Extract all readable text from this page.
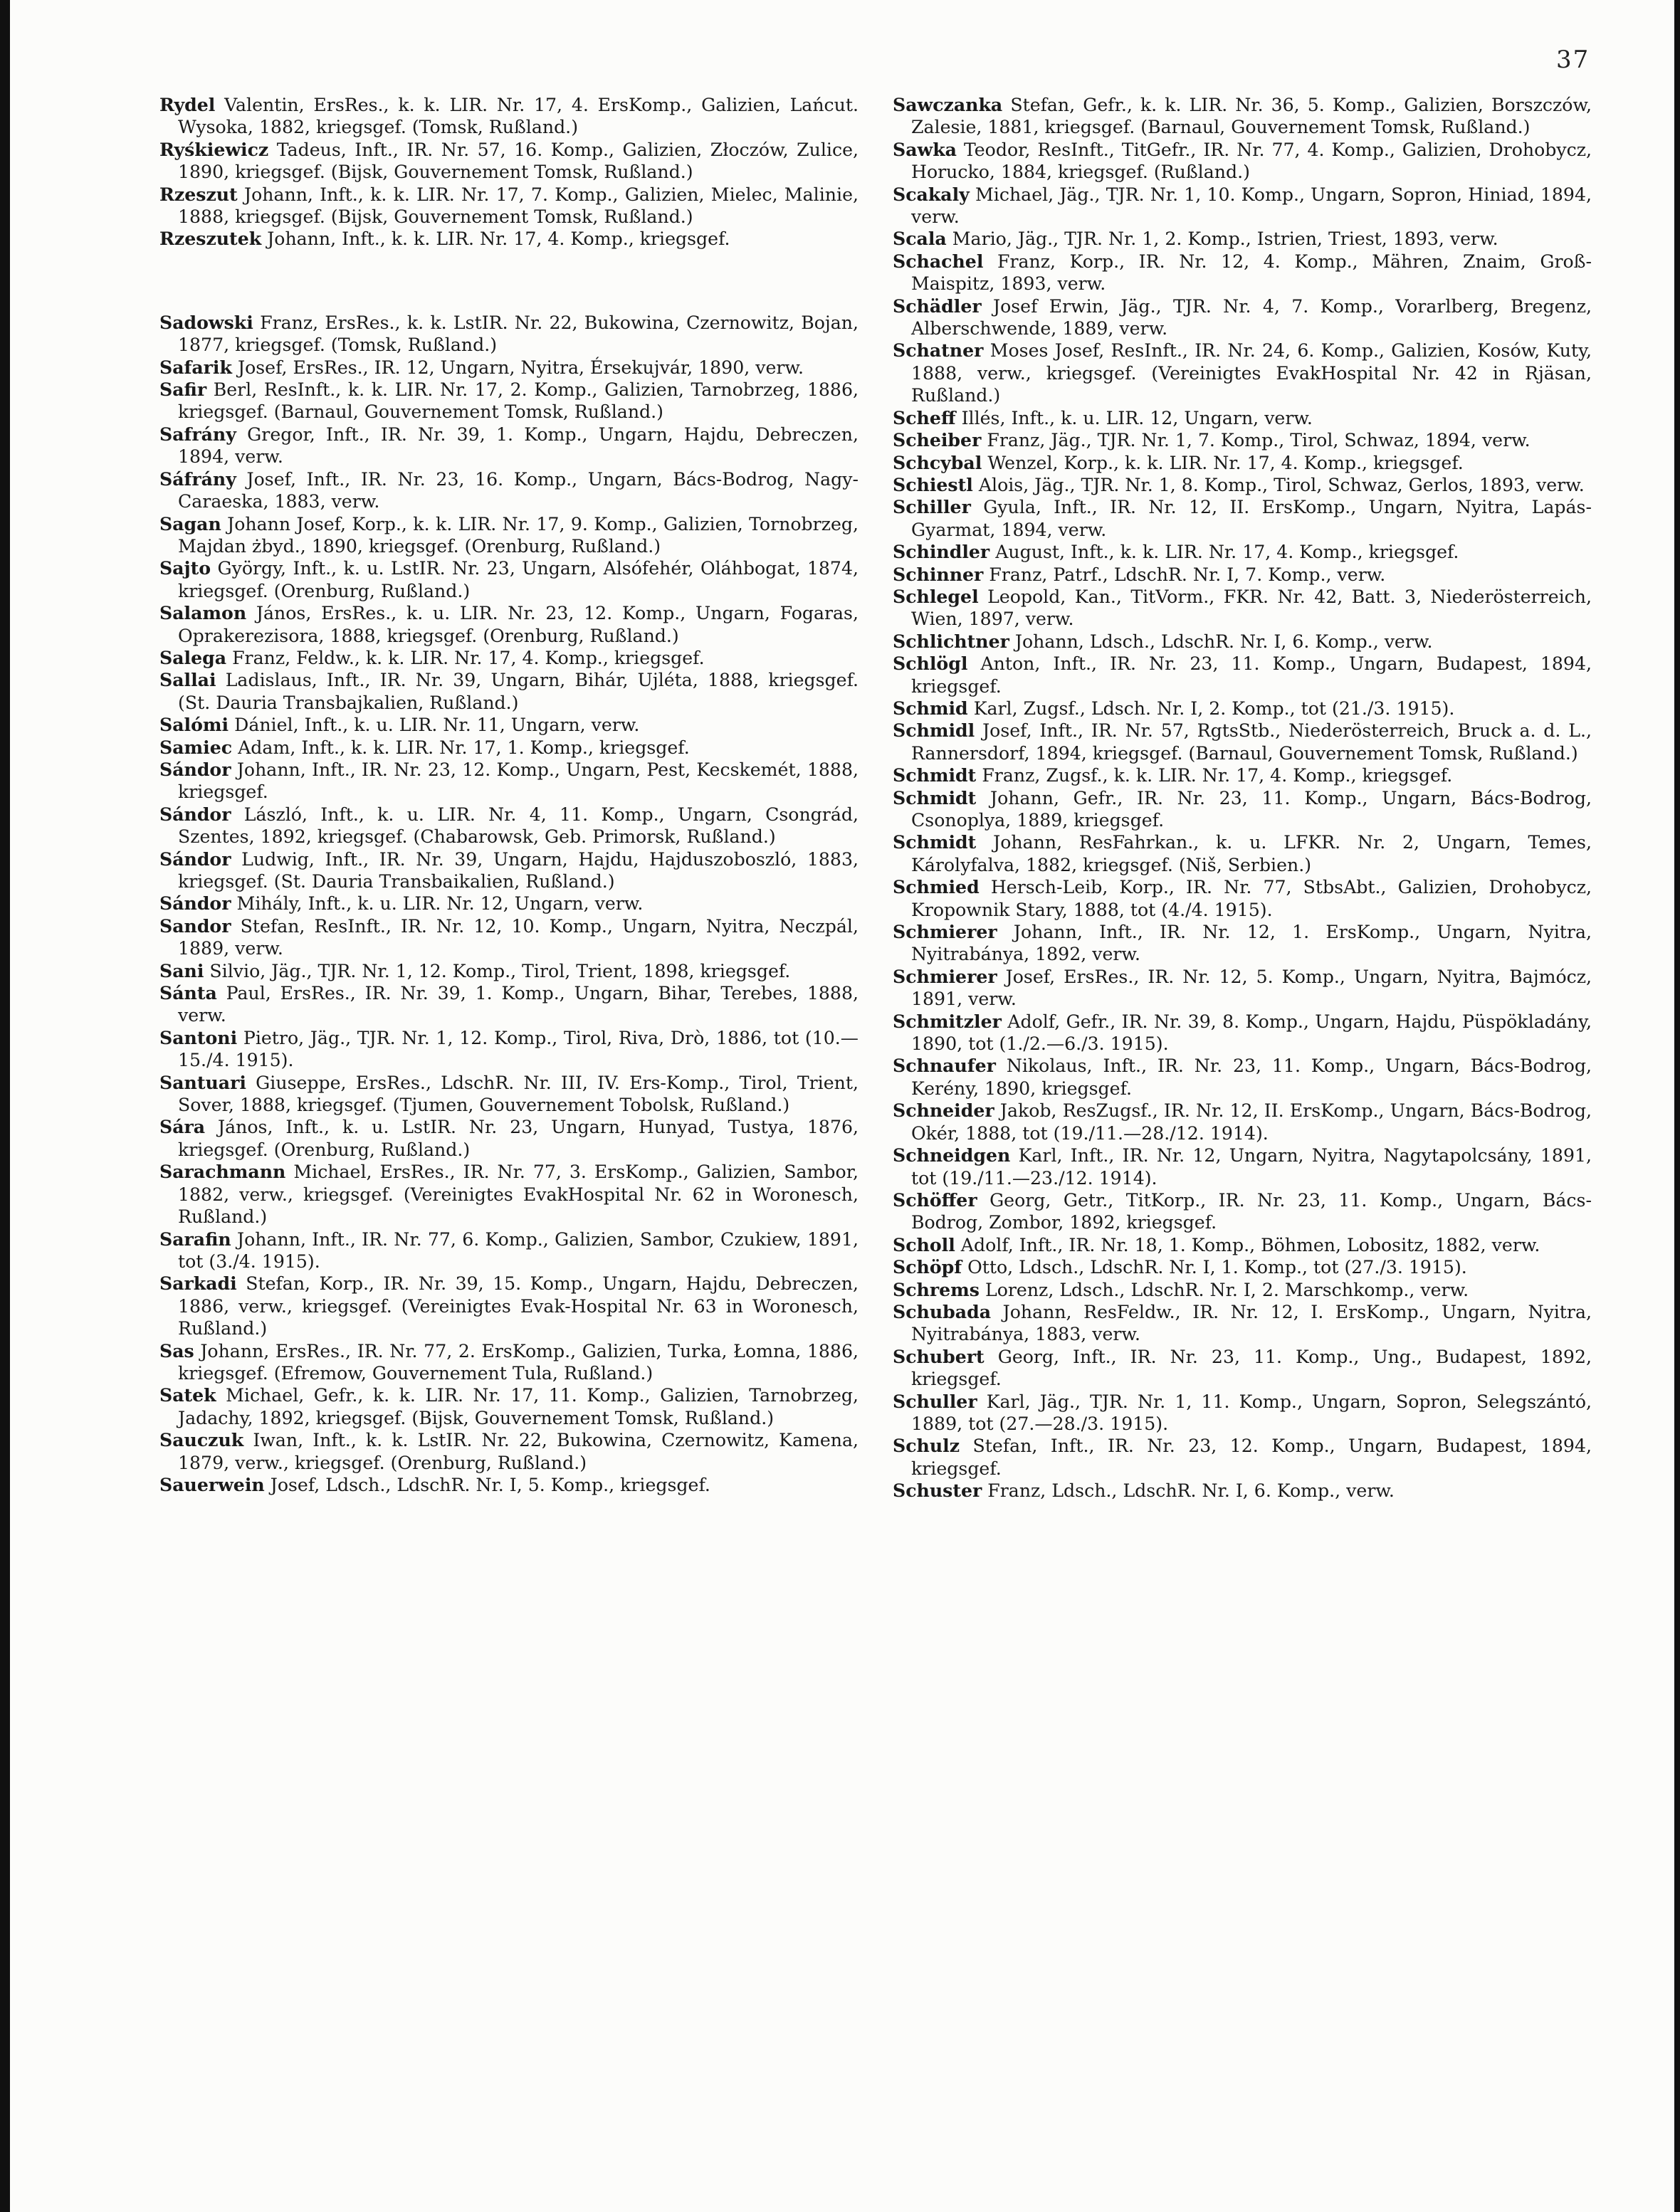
37

Rydel Valentin, ErsRes., k. k. LIR. Nr. 17, 4. ErsKomp., Galizien, Lańcut. Wysoka, 1882, kriegsgef. (Tomsk, Rußland.)

Ryśkiewicz Tadeus, Inft., IR. Nr. 57, 16. Komp., Galizien, Złoczów, Zulice, 1890, kriegsgef. (Bijsk, Gouvernement Tomsk, Rußland.)

Rzeszut Johann, Inft., k. k. LIR. Nr. 17, 7. Komp., Galizien, Mielec, Malinie, 1888, kriegsgef. (Bijsk, Gouvernement Tomsk, Rußland.)

Rzeszutek Johann, Inft., k. k. LIR. Nr. 17, 4. Komp., kriegsgef.

Sadowski Franz, ErsRes., k. k. LstIR. Nr. 22, Bukowina, Czernowitz, Bojan, 1877, kriegsgef. (Tomsk, Rußland.)

Safarik Josef, ErsRes., IR. 12, Ungarn, Nyitra, Érsekujvár, 1890, verw.

Safir Berl, ResInft., k. k. LIR. Nr. 17, 2. Komp., Galizien, Tarnobrzeg, 1886, kriegsgef. (Barnaul, Gouvernement Tomsk, Rußland.)

Safrány Gregor, Inft., IR. Nr. 39, 1. Komp., Ungarn, Hajdu, Debreczen, 1894, verw.

Sáfrány Josef, Inft., IR. Nr. 23, 16. Komp., Ungarn, Bács-Bodrog, Nagy-Caraeska, 1883, verw.

Sagan Johann Josef, Korp., k. k. LIR. Nr. 17, 9. Komp., Galizien, Tornobrzeg, Majdan żbyd., 1890, kriegsgef. (Orenburg, Rußland.)

Sajto György, Inft., k. u. LstIR. Nr. 23, Ungarn, Alsófehér, Oláhbogat, 1874, kriegsgef. (Orenburg, Rußland.)

Salamon János, ErsRes., k. u. LIR. Nr. 23, 12. Komp., Ungarn, Fogaras, Oprakerezisora, 1888, kriegsgef. (Orenburg, Rußland.)

Salega Franz, Feldw., k. k. LIR. Nr. 17, 4. Komp., kriegsgef.

Sallai Ladislaus, Inft., IR. Nr. 39, Ungarn, Bihár, Ujléta, 1888, kriegsgef. (St. Dauria Transbajkalien, Rußland.)

Salómi Dániel, Inft., k. u. LIR. Nr. 11, Ungarn, verw.

Samiec Adam, Inft., k. k. LIR. Nr. 17, 1. Komp., kriegsgef.

Sándor Johann, Inft., IR. Nr. 23, 12. Komp., Ungarn, Pest, Kecskemét, 1888, kriegsgef.

Sándor László, Inft., k. u. LIR. Nr. 4, 11. Komp., Ungarn, Csongrád, Szentes, 1892, kriegsgef. (Chabarowsk, Geb. Primorsk, Rußland.)

Sándor Ludwig, Inft., IR. Nr. 39, Ungarn, Hajdu, Hajduszoboszló, 1883, kriegsgef. (St. Dauria Transbaikalien, Rußland.)

Sándor Mihály, Inft., k. u. LIR. Nr. 12, Ungarn, verw.

Sandor Stefan, ResInft., IR. Nr. 12, 10. Komp., Ungarn, Nyitra, Neczpál, 1889, verw.

Sani Silvio, Jäg., TJR. Nr. 1, 12. Komp., Tirol, Trient, 1898, kriegsgef.

Sánta Paul, ErsRes., IR. Nr. 39, 1. Komp., Ungarn, Bihar, Terebes, 1888, verw.

Santoni Pietro, Jäg., TJR. Nr. 1, 12. Komp., Tirol, Riva, Drò, 1886, tot (10.—15./4. 1915).

Santuari Giuseppe, ErsRes., LdschR. Nr. III, IV. Ers-Komp., Tirol, Trient, Sover, 1888, kriegsgef. (Tjumen, Gouvernement Tobolsk, Rußland.)

Sára János, Inft., k. u. LstIR. Nr. 23, Ungarn, Hunyad, Tustya, 1876, kriegsgef. (Orenburg, Rußland.)

Sarachmann Michael, ErsRes., IR. Nr. 77, 3. ErsKomp., Galizien, Sambor, 1882, verw., kriegsgef. (Vereinigtes EvakHospital Nr. 62 in Woronesch, Rußland.)

Sarafin Johann, Inft., IR. Nr. 77, 6. Komp., Galizien, Sambor, Czukiew, 1891, tot (3./4. 1915).

Sarkadi Stefan, Korp., IR. Nr. 39, 15. Komp., Ungarn, Hajdu, Debreczen, 1886, verw., kriegsgef. (Vereinigtes Evak-Hospital Nr. 63 in Woronesch, Rußland.)

Sas Johann, ErsRes., IR. Nr. 77, 2. ErsKomp., Galizien, Turka, Łomna, 1886, kriegsgef. (Efremow, Gouvernement Tula, Rußland.)

Satek Michael, Gefr., k. k. LIR. Nr. 17, 11. Komp., Galizien, Tarnobrzeg, Jadachy, 1892, kriegsgef. (Bijsk, Gouvernement Tomsk, Rußland.)

Sauczuk Iwan, Inft., k. k. LstIR. Nr. 22, Bukowina, Czernowitz, Kamena, 1879, verw., kriegsgef. (Orenburg, Rußland.)

Sauerwein Josef, Ldsch., LdschR. Nr. I, 5. Komp., kriegsgef.

Sawczanka Stefan, Gefr., k. k. LIR. Nr. 36, 5. Komp., Galizien, Borszczów, Zalesie, 1881, kriegsgef. (Barnaul, Gouvernement Tomsk, Rußland.)

Sawka Teodor, ResInft., TitGefr., IR. Nr. 77, 4. Komp., Galizien, Drohobycz, Horucko, 1884, kriegsgef. (Rußland.)

Scakaly Michael, Jäg., TJR. Nr. 1, 10. Komp., Ungarn, Sopron, Hiniad, 1894, verw.

Scala Mario, Jäg., TJR. Nr. 1, 2. Komp., Istrien, Triest, 1893, verw.

Schachel Franz, Korp., IR. Nr. 12, 4. Komp., Mähren, Znaim, Groß-Maispitz, 1893, verw.

Schädler Josef Erwin, Jäg., TJR. Nr. 4, 7. Komp., Vorarlberg, Bregenz, Alberschwende, 1889, verw.

Schatner Moses Josef, ResInft., IR. Nr. 24, 6. Komp., Galizien, Kosów, Kuty, 1888, verw., kriegsgef. (Vereinigtes EvakHospital Nr. 42 in Rjäsan, Rußland.)

Scheff Illés, Inft., k. u. LIR. 12, Ungarn, verw.

Scheiber Franz, Jäg., TJR. Nr. 1, 7. Komp., Tirol, Schwaz, 1894, verw.

Schcybal Wenzel, Korp., k. k. LIR. Nr. 17, 4. Komp., kriegsgef.

Schiestl Alois, Jäg., TJR. Nr. 1, 8. Komp., Tirol, Schwaz, Gerlos, 1893, verw.

Schiller Gyula, Inft., IR. Nr. 12, II. ErsKomp., Ungarn, Nyitra, Lapás-Gyarmat, 1894, verw.

Schindler August, Inft., k. k. LIR. Nr. 17, 4. Komp., kriegsgef.

Schinner Franz, Patrf., LdschR. Nr. I, 7. Komp., verw.

Schlegel Leopold, Kan., TitVorm., FKR. Nr. 42, Batt. 3, Niederösterreich, Wien, 1897, verw.

Schlichtner Johann, Ldsch., LdschR. Nr. I, 6. Komp., verw.

Schlögl Anton, Inft., IR. Nr. 23, 11. Komp., Ungarn, Budapest, 1894, kriegsgef.

Schmid Karl, Zugsf., Ldsch. Nr. I, 2. Komp., tot (21./3. 1915).

Schmidl Josef, Inft., IR. Nr. 57, RgtsStb., Niederösterreich, Bruck a. d. L., Rannersdorf, 1894, kriegsgef. (Barnaul, Gouvernement Tomsk, Rußland.)

Schmidt Franz, Zugsf., k. k. LIR. Nr. 17, 4. Komp., kriegsgef.

Schmidt Johann, Gefr., IR. Nr. 23, 11. Komp., Ungarn, Bács-Bodrog, Csonoplya, 1889, kriegsgef.

Schmidt Johann, ResFahrkan., k. u. LFKR. Nr. 2, Ungarn, Temes, Károlyfalva, 1882, kriegsgef. (Niš, Serbien.)

Schmied Hersch-Leib, Korp., IR. Nr. 77, StbsAbt., Galizien, Drohobycz, Kropownik Stary, 1888, tot (4./4. 1915).

Schmierer Johann, Inft., IR. Nr. 12, 1. ErsKomp., Ungarn, Nyitra, Nyitrabánya, 1892, verw.

Schmierer Josef, ErsRes., IR. Nr. 12, 5. Komp., Ungarn, Nyitra, Bajmócz, 1891, verw.

Schmitzler Adolf, Gefr., IR. Nr. 39, 8. Komp., Ungarn, Hajdu, Püspökladány, 1890, tot (1./2.—6./3. 1915).

Schnaufer Nikolaus, Inft., IR. Nr. 23, 11. Komp., Ungarn, Bács-Bodrog, Kerény, 1890, kriegsgef.

Schneider Jakob, ResZugsf., IR. Nr. 12, II. ErsKomp., Ungarn, Bács-Bodrog, Okér, 1888, tot (19./11.—28./12. 1914).

Schneidgen Karl, Inft., IR. Nr. 12, Ungarn, Nyitra, Nagytapolcsány, 1891, tot (19./11.—23./12. 1914).

Schöffer Georg, Getr., TitKorp., IR. Nr. 23, 11. Komp., Ungarn, Bács-Bodrog, Zombor, 1892, kriegsgef.

Scholl Adolf, Inft., IR. Nr. 18, 1. Komp., Böhmen, Lobositz, 1882, verw.

Schöpf Otto, Ldsch., LdschR. Nr. I, 1. Komp., tot (27./3. 1915).

Schrems Lorenz, Ldsch., LdschR. Nr. I, 2. Marschkomp., verw.

Schubada Johann, ResFeldw., IR. Nr. 12, I. ErsKomp., Ungarn, Nyitra, Nyitrabánya, 1883, verw.

Schubert Georg, Inft., IR. Nr. 23, 11. Komp., Ung., Budapest, 1892, kriegsgef.

Schuller Karl, Jäg., TJR. Nr. 1, 11. Komp., Ungarn, Sopron, Selegszántó, 1889, tot (27.—28./3. 1915).

Schulz Stefan, Inft., IR. Nr. 23, 12. Komp., Ungarn, Budapest, 1894, kriegsgef.

Schuster Franz, Ldsch., LdschR. Nr. I, 6. Komp., verw.
